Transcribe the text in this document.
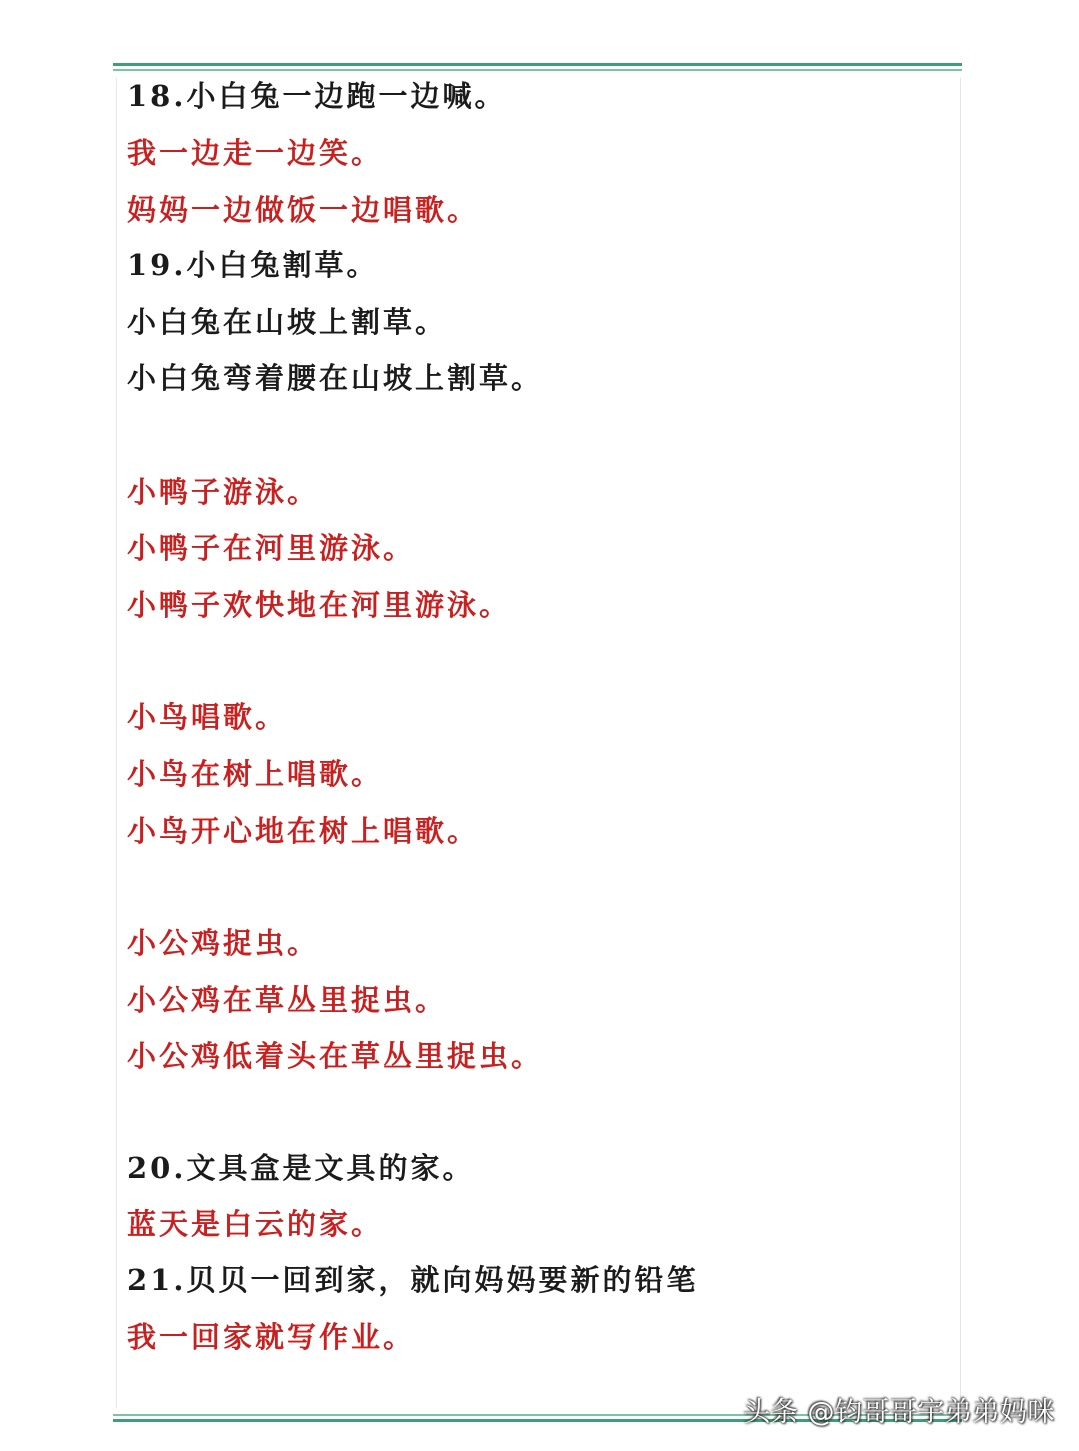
18.小白兔一边跑一边喊。
我一边走一边笑。
妈妈一边做饭一边唱歌。
19.小白兔割草。
小白兔在山坡上割草。
小白兔弯着腰在山坡上割草。
小鸭子游泳。
小鸭子在河里游泳。
小鸭子欢快地在河里游泳。
小鸟唱歌。
小鸟在树上唱歌。
小鸟开心地在树上唱歌。
小公鸡捉虫。
小公鸡在草丛里捉虫。
小公鸡低着头在草丛里捉虫。
20.文具盒是文具的家。
蓝天是白云的家。
21.贝贝一回到家，就向妈妈要新的铅笔
我一回家就写作业。
头条 @钧哥哥宇弟弟妈咪
